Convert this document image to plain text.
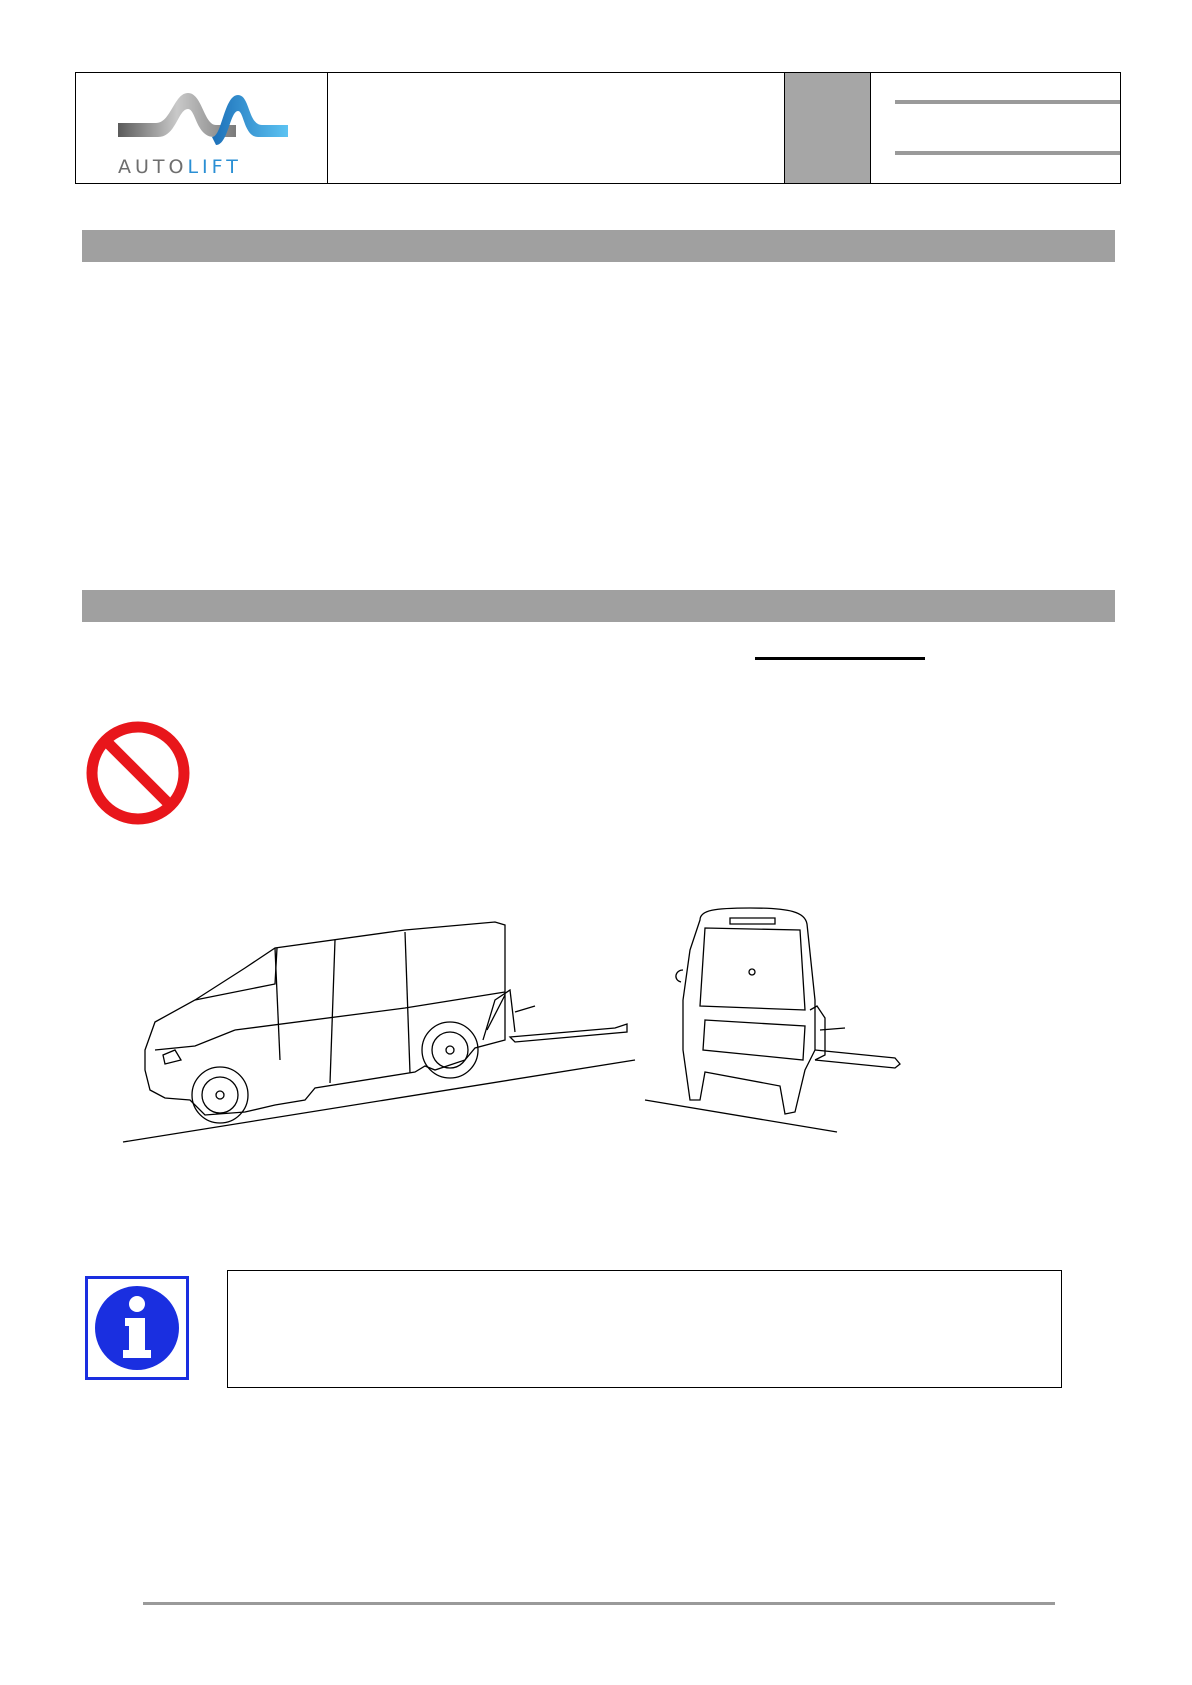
AUTOLIFT
